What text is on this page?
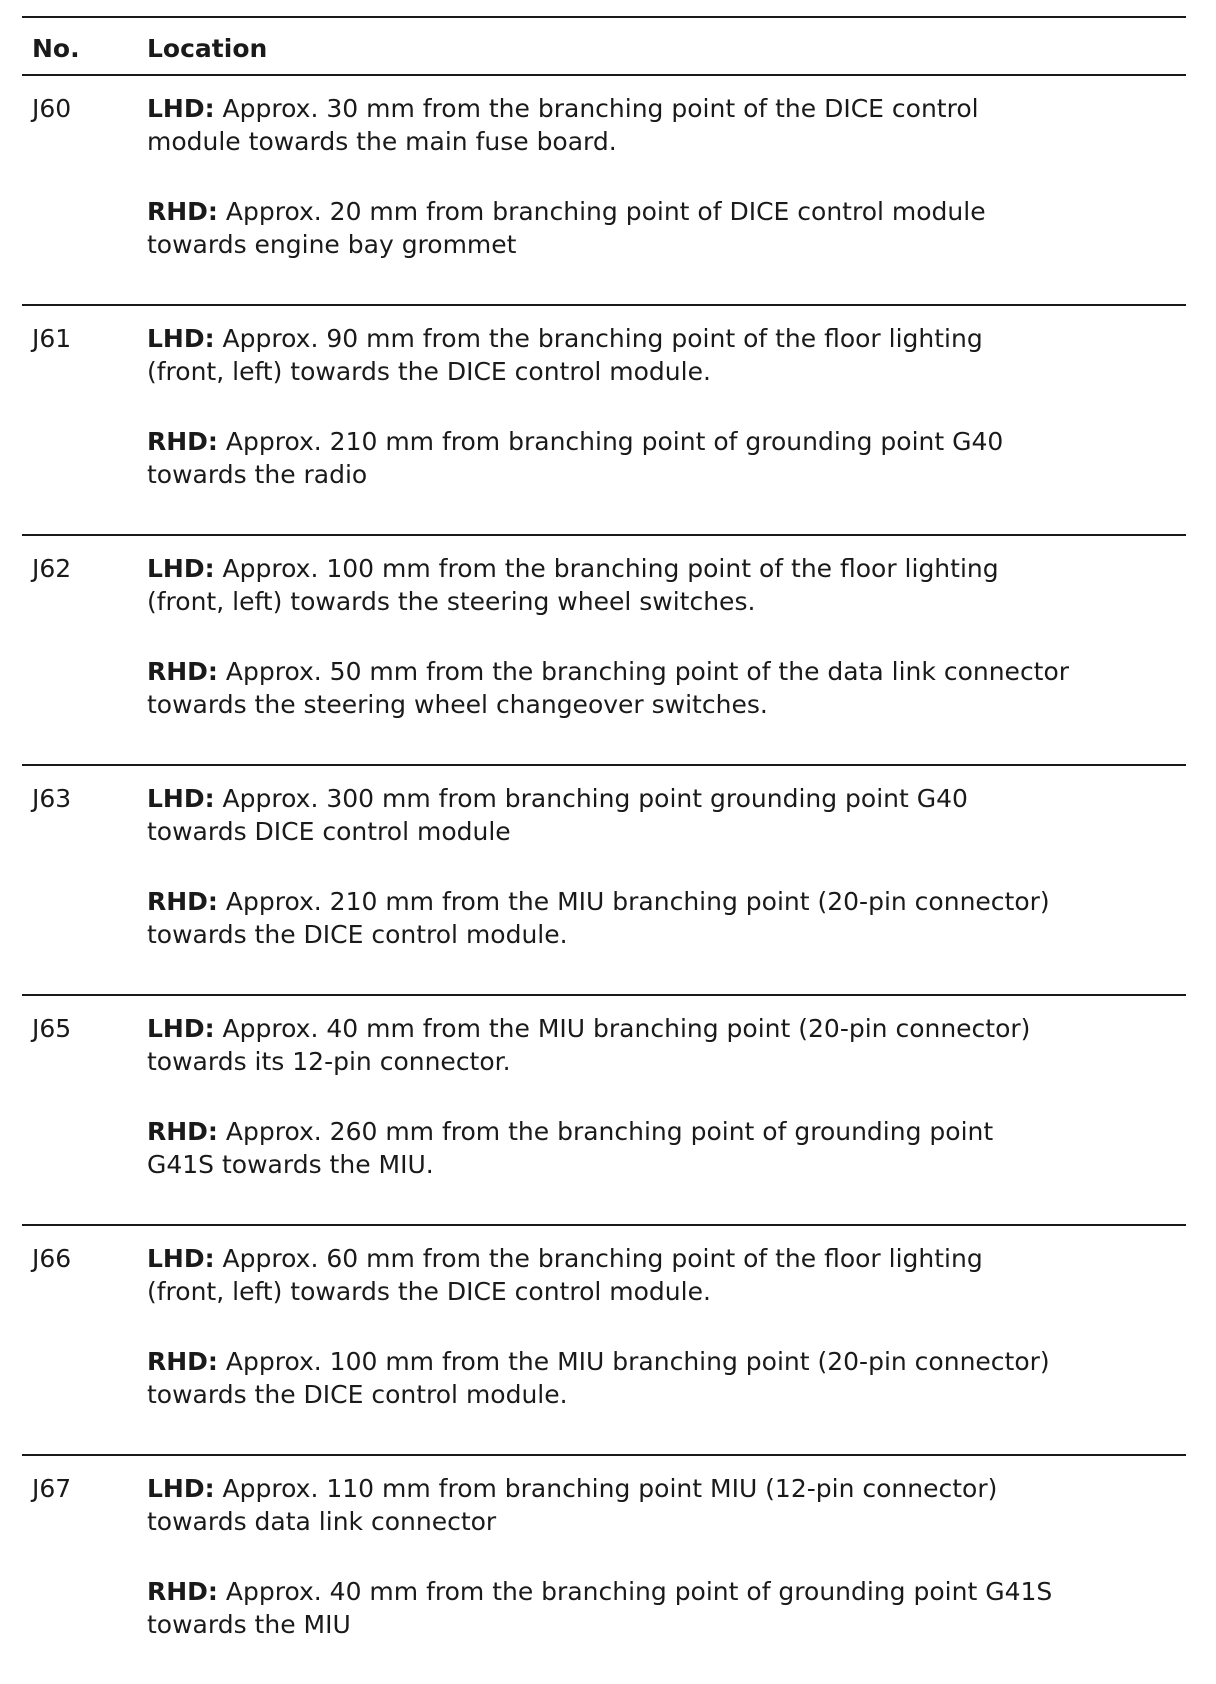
No.	Location
J60	LHD: Approx. 30 mm from the branching point of the DICE control
module towards the main fuse board.
RHD: Approx. 20 mm from branching point of DICE control module
towards engine bay grommet
J61	LHD: Approx. 90 mm from the branching point of the floor lighting
(front, left) towards the DICE control module.
RHD: Approx. 210 mm from branching point of grounding point G40
towards the radio
J62	LHD: Approx. 100 mm from the branching point of the floor lighting
(front, left) towards the steering wheel switches.
RHD: Approx. 50 mm from the branching point of the data link connector
towards the steering wheel changeover switches.
J63	LHD: Approx. 300 mm from branching point grounding point G40
towards DICE control module
RHD: Approx. 210 mm from the MIU branching point (20-pin connector)
towards the DICE control module.
J65	LHD: Approx. 40 mm from the MIU branching point (20-pin connector)
towards its 12-pin connector.
RHD: Approx. 260 mm from the branching point of grounding point
G41S towards the MIU.
J66	LHD: Approx. 60 mm from the branching point of the floor lighting
(front, left) towards the DICE control module.
RHD: Approx. 100 mm from the MIU branching point (20-pin connector)
towards the DICE control module.
J67	LHD: Approx. 110 mm from branching point MIU (12-pin connector)
towards data link connector
RHD: Approx. 40 mm from the branching point of grounding point G41S
towards the MIU
